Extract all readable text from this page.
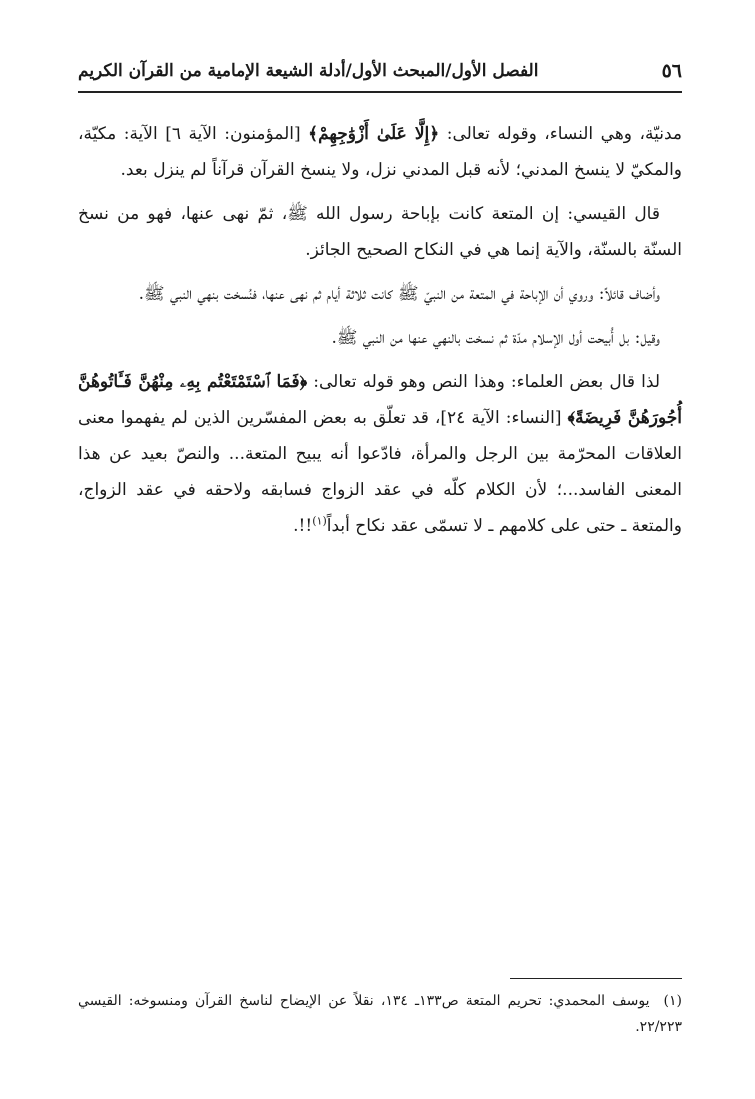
٥٦
الفصل الأول/المبحث الأول/أدلة الشيعة الإمامية من القرآن الكريم

مدنيّة، وهي النساء، وقوله تعالى: ﴿إِلَّا عَلَىٰ أَزْوَٰجِهِمْ﴾ [المؤمنون: الآية ٦] الآية: مكيّة، والمكيّ لا ينسخ المدني؛ لأنه قبل المدني نزل، ولا ينسخ القرآن قرآناً لم ينزل بعد.

قال القيسي: إن المتعة كانت بإباحة رسول الله ﷺ، ثمّ نهى عنها، فهو من نسخ السنّة بالسنّة، والآية إنما هي في النكاح الصحيح الجائز.

وأضاف قائلاً: وروي أن الإباحة في المتعة من النبيّ ﷺ كانت ثلاثة أيام ثم نهى عنها، فنُسخت بنهي النبي ﷺ.

وقيل: بل أُبيحت أول الإسلام مدّة ثم نسخت بالنهي عنها من النبي ﷺ.

لذا قال بعض العلماء: وهذا النص وهو قوله تعالى: ﴿فَمَا ٱسْتَمْتَعْتُم بِهِۦ مِنْهُنَّ فَـَٔاتُوهُنَّ أُجُورَهُنَّ فَرِيضَةً﴾ [النساء: الآية ٢٤]، قد تعلّق به بعض المفسّرين الذين لم يفهموا معنى العلاقات المحرّمة بين الرجل والمرأة، فادّعوا أنه يبيح المتعة... والنصّ بعيد عن هذا المعنى الفاسد...؛ لأن الكلام كلّه في عقد الزواج فسابقه ولاحقه في عقد الزواج، والمتعة ـ حتى على كلامهم ـ لا تسمّى عقد نكاح أبداً$^{(١)}$!!.

(١)يوسف المحمدي: تحريم المتعة ص١٣٣ـ ١٣٤، نقلاً عن الإيضاح لناسخ القرآن ومنسوخه: القيسي ٢٢/٢٢٣.
